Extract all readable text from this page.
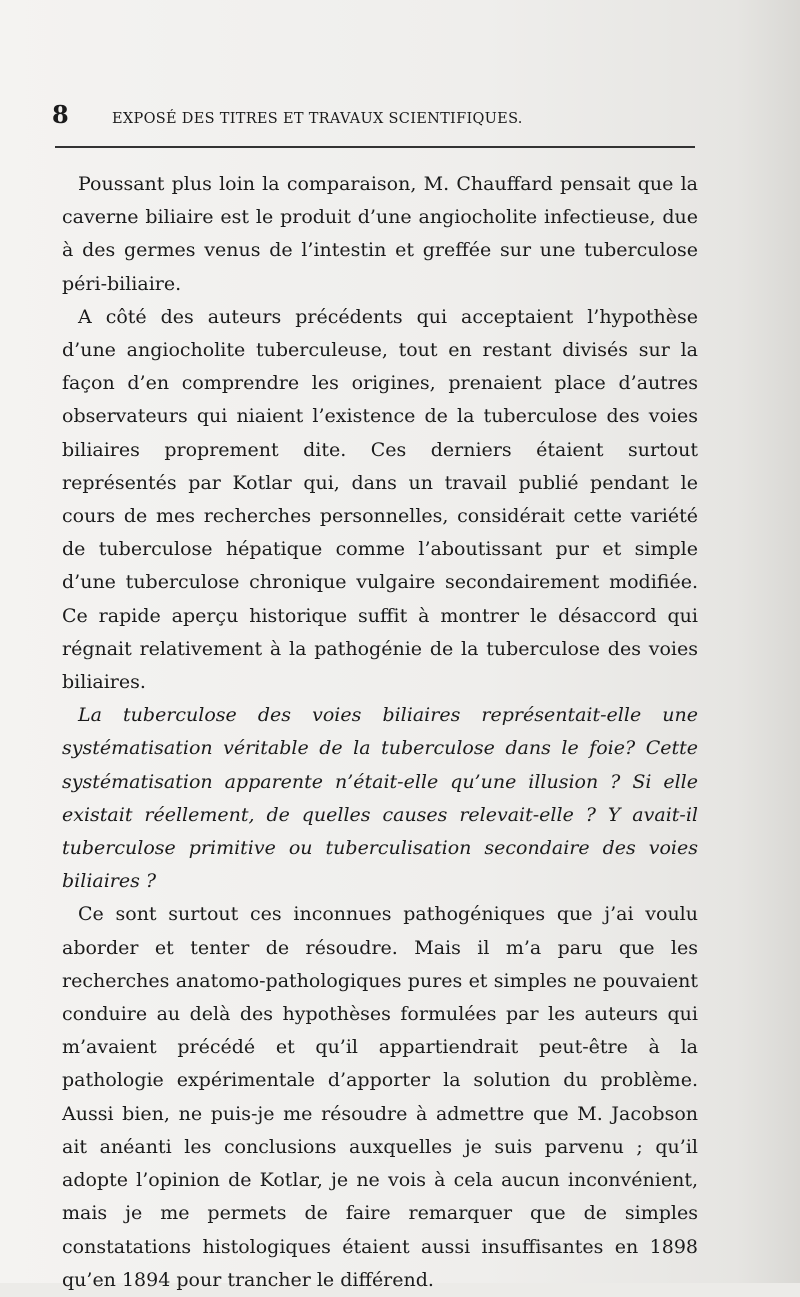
8	EXPOSÉ DES TITRES ET TRAVAUX SCIENTIFIQUES.

Poussant plus loin la comparaison, M. Chauffard pensait que la caverne biliaire est le produit d’une angiocholite infectieuse, due à des germes venus de l’intestin et greffée sur une tuberculose péri-biliaire.

A côté des auteurs précédents qui acceptaient l’hypothèse d’une angiocholite tuberculeuse, tout en restant divisés sur la façon d’en comprendre les origines, prenaient place d’autres observateurs qui niaient l’existence de la tuberculose des voies biliaires proprement dite. Ces derniers étaient surtout représentés par Kotlar qui, dans un travail publié pendant le cours de mes recherches personnelles, considérait cette variété de tuberculose hépatique comme l’aboutissant pur et simple d’une tuberculose chronique vulgaire secondairement modifiée. Ce rapide aperçu historique suffit à montrer le désaccord qui régnait relativement à la pathogénie de la tuberculose des voies biliaires.

La tuberculose des voies biliaires représentait-elle une systématisation véritable de la tuberculose dans le foie? Cette systématisation apparente n’était-elle qu’une illusion ? Si elle existait réellement, de quelles causes relevait-elle ? Y avait-il tuberculose primitive ou tuberculisation secondaire des voies biliaires ?

Ce sont surtout ces inconnues pathogéniques que j’ai voulu aborder et tenter de résoudre. Mais il m’a paru que les recherches anatomo-pathologiques pures et simples ne pouvaient conduire au delà des hypothèses formulées par les auteurs qui m’avaient précédé et qu’il appartiendrait peut-être à la pathologie expérimentale d’apporter la solution du problème. Aussi bien, ne puis-je me résoudre à admettre que M. Jacobson ait anéanti les conclusions auxquelles je suis parvenu ; qu’il adopte l’opinion de Kotlar, je ne vois à cela aucun inconvénient, mais je me permets de faire remarquer que de simples constatations histologiques étaient aussi insuffisantes en 1898 qu’en 1894 pour trancher le différend.
